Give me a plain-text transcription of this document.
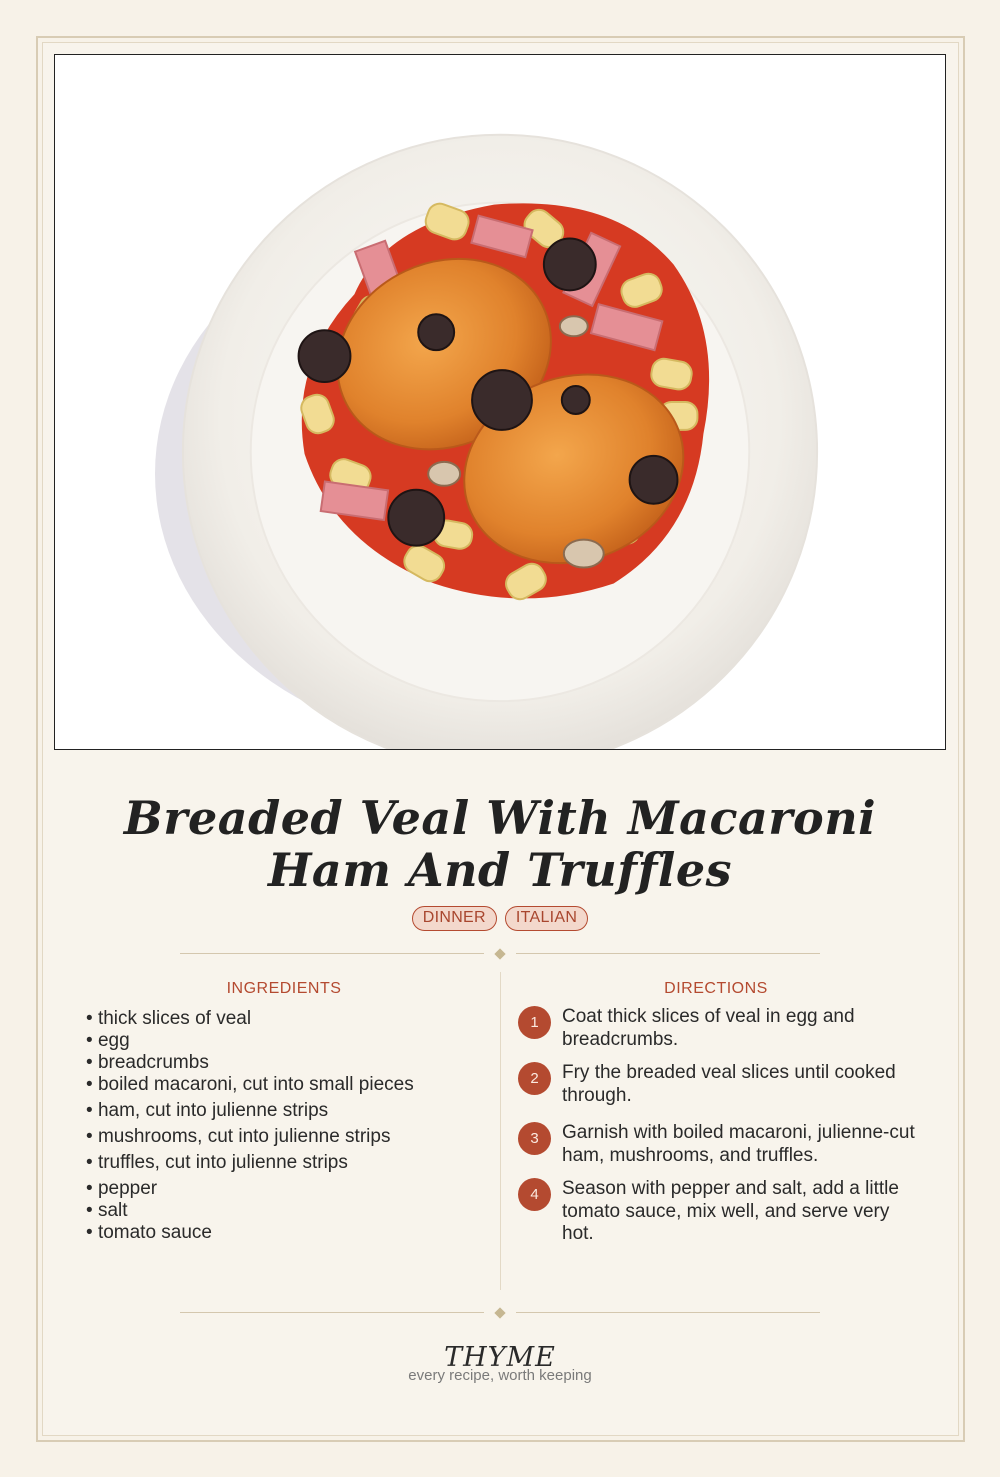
Breaded Veal With Macaroni Ham And Truffles
DINNER	ITALIAN
INGREDIENTS	DIRECTIONS
• thick slices of veal
• egg
• breadcrumbs
• boiled macaroni, cut into small pieces
• ham, cut into julienne strips
• mushrooms, cut into julienne strips
• truffles, cut into julienne strips
• pepper
• salt
• tomato sauce
1	Coat thick slices of veal in egg and breadcrumbs.
2	Fry the breaded veal slices until cooked through.
3	Garnish with boiled macaroni, julienne-cut ham, mushrooms, and truffles.
4	Season with pepper and salt, add a little tomato sauce, mix well, and serve very hot.
THYME
every recipe, worth keeping
